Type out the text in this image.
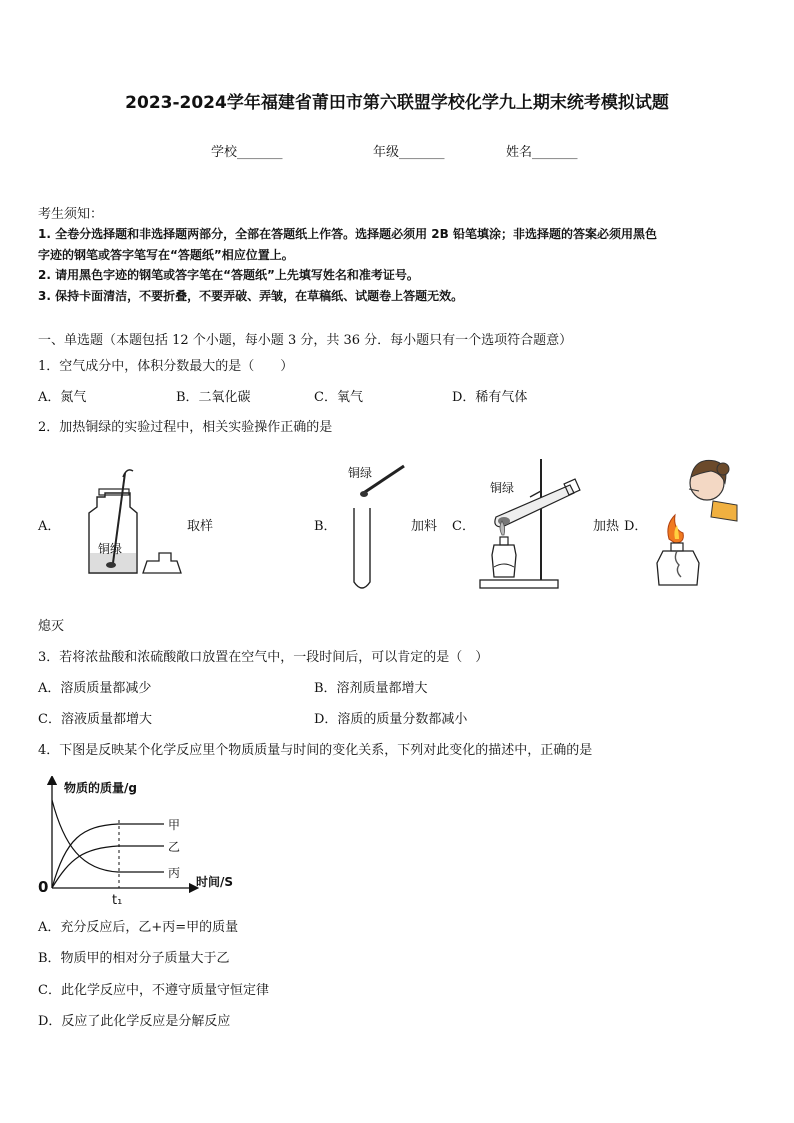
2023-2024学年福建省莆田市第六联盟学校化学九上期末统考模拟试题
学校_______	年级_______	姓名_______
考生须知：
1. 全卷分选择题和非选择题两部分，全部在答题纸上作答。选择题必须用 2B 铅笔填涂；非选择题的答案必须用黑色
字迹的钢笔或答字笔写在“答题纸”相应位置上。
2. 请用黑色字迹的钢笔或答字笔在“答题纸”上先填写姓名和准考证号。
3. 保持卡面清洁，不要折叠，不要弄破、弄皱，在草稿纸、试题卷上答题无效。
一、单选题（本题包括 12 个小题，每小题 3 分，共 36 分．每小题只有一个选项符合题意）
1．空气成分中，体积分数最大的是（　　）
A．氮气	B．二氧化碳	C．氧气	D．稀有气体
2．加热铜绿的实验过程中，相关实验操作正确的是
A．	取样	B．	加料 C．	加热 D．
熄灭
铜绿
铜绿
铜绿
3．若将浓盐酸和浓硫酸敞口放置在空气中，一段时间后，可以肯定的是（　）
A．溶质质量都减少	B．溶剂质量都增大
C．溶液质量都增大	D．溶质的质量分数都减小
4．下图是反映某个化学反应里个物质质量与时间的变化关系，下列对此变化的描述中，正确的是
物质的质量/g
时间/S
0
t₁
甲
乙
丙
A．充分反应后，乙+丙=甲的质量
B．物质甲的相对分子质量大于乙
C．此化学反应中，不遵守质量守恒定律
D．反应了此化学反应是分解反应
